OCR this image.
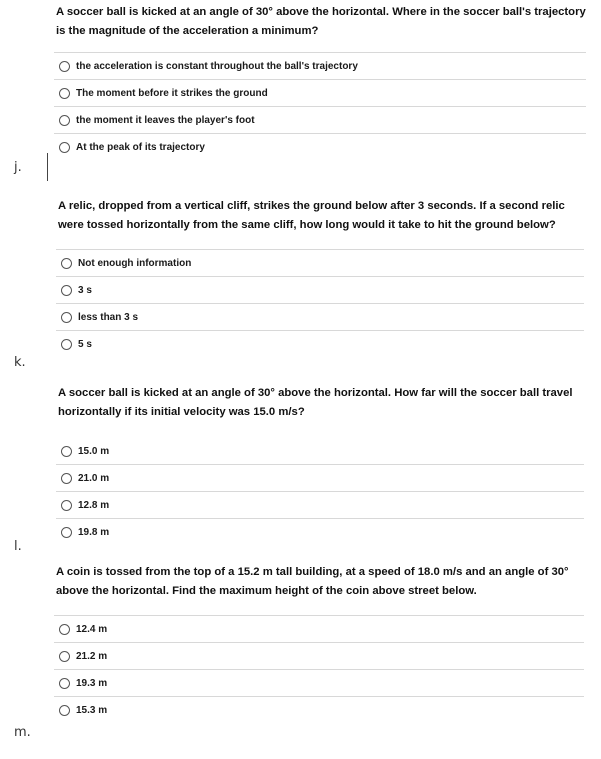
A soccer ball is kicked at an angle of 30° above the horizontal. Where in the soccer ball's trajectory is the magnitude of the acceleration a minimum?
the acceleration is constant throughout the ball's trajectory
The moment before it strikes the ground
the moment it leaves the player's foot
At the peak of its trajectory
j.
A relic, dropped from a vertical cliff, strikes the ground below after 3 seconds. If a second relic were tossed horizontally from the same cliff, how long would it take to hit the ground below?
Not enough information
3 s
less than 3 s
5 s
k.
A soccer ball is kicked at an angle of 30° above the horizontal. How far will the soccer ball travel horizontally if its initial velocity was 15.0 m/s?
15.0 m
21.0 m
12.8 m
19.8 m
l.
A coin is tossed from the top of a 15.2 m tall building, at a speed of 18.0 m/s and an angle of 30° above the horizontal. Find the maximum height of the coin above street below.
12.4 m
21.2 m
19.3 m
15.3 m
m.
